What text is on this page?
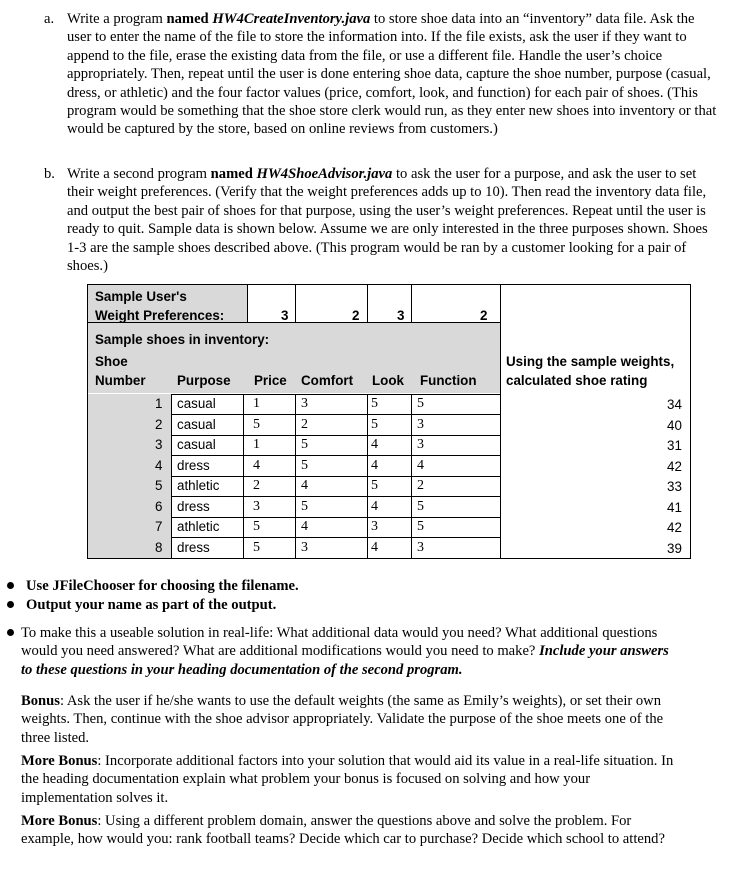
a. Write a program named HW4CreateInventory.java to store shoe data into an “inventory” data file. Ask the user to enter the name of the file to store the information into. If the file exists, ask the user if they want to append to the file, erase the existing data from the file, or use a different file. Handle the user’s choice appropriately. Then, repeat until the user is done entering shoe data, capture the shoe number, purpose (casual, dress, or athletic) and the four factor values (price, comfort, look, and function) for each pair of shoes. (This program would be something that the shoe store clerk would run, as they enter new shoes into inventory or that would be captured by the store, based on online reviews from customers.)
b. Write a second program named HW4ShoeAdvisor.java to ask the user for a purpose, and ask the user to set their weight preferences. (Verify that the weight preferences adds up to 10). Then read the inventory data file, and output the best pair of shoes for that purpose, using the user’s weight preferences. Repeat until the user is ready to quit. Sample data is shown below. Assume we are only interested in the three purposes shown. Shoes 1-3 are the sample shoes described above. (This program would be ran by a customer looking for a pair of shoes.)
Sample User's
Weight Preferences:	3	2	3	2
Sample shoes in inventory:
Shoe
Number Purpose Price Comfort Look Function
Using the sample weights,
calculated shoe rating
1 casual	1	3	5	5	34
2 casual	5	2	5	3	40
3 casual	1	5	4	3	31
4 dress	4	5	4	4	42
5 athletic 2	4	5	2	33
6 dress	3	5	4	5	41
7 athletic 5	4	3	5	42
8 dress	5	3	4	3	39
Use JFileChooser for choosing the filename.
Output your name as part of the output.
To make this a useable solution in real-life: What additional data would you need? What additional questions would you need answered? What are additional modifications would you need to make? Include your answers to these questions in your heading documentation of the second program.
Bonus: Ask the user if he/she wants to use the default weights (the same as Emily’s weights), or set their own weights. Then, continue with the shoe advisor appropriately. Validate the purpose of the shoe meets one of the three listed.
More Bonus: Incorporate additional factors into your solution that would aid its value in a real-life situation. In the heading documentation explain what problem your bonus is focused on solving and how your implementation solves it.
More Bonus: Using a different problem domain, answer the questions above and solve the problem. For example, how would you: rank football teams? Decide which car to purchase? Decide which school to attend?
